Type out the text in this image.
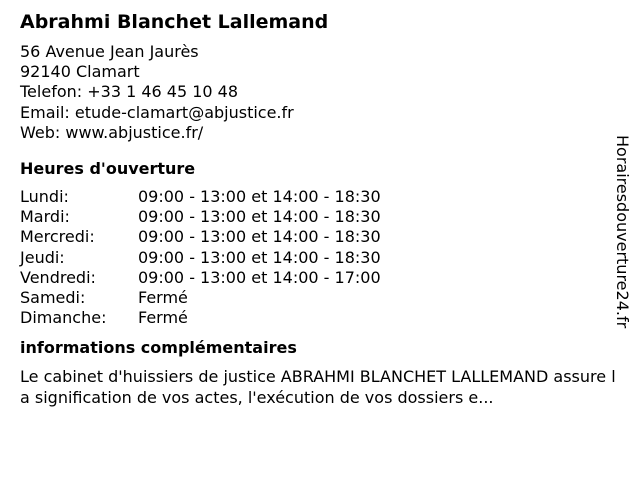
Abrahmi Blanchet Lallemand
56 Avenue Jean Jaurès
92140 Clamart
Telefon: +33 1 46 45 10 48
Email: etude-clamart@abjustice.fr
Web: www.abjustice.fr/
Heures d'ouverture
Lundi:	09:00 - 13:00 et 14:00 - 18:30
Mardi:	09:00 - 13:00 et 14:00 - 18:30
Mercredi:	09:00 - 13:00 et 14:00 - 18:30
Jeudi:	09:00 - 13:00 et 14:00 - 18:30
Vendredi:	09:00 - 13:00 et 14:00 - 17:00
Samedi:	Fermé
Dimanche:	Fermé
informations complémentaires

Le cabinet d'huissiers de justice ABRAHMI BLANCHET LALLEMAND assure la signification de vos actes, l'exécution de vos dossiers e...

Horairesdouverture24.fr
